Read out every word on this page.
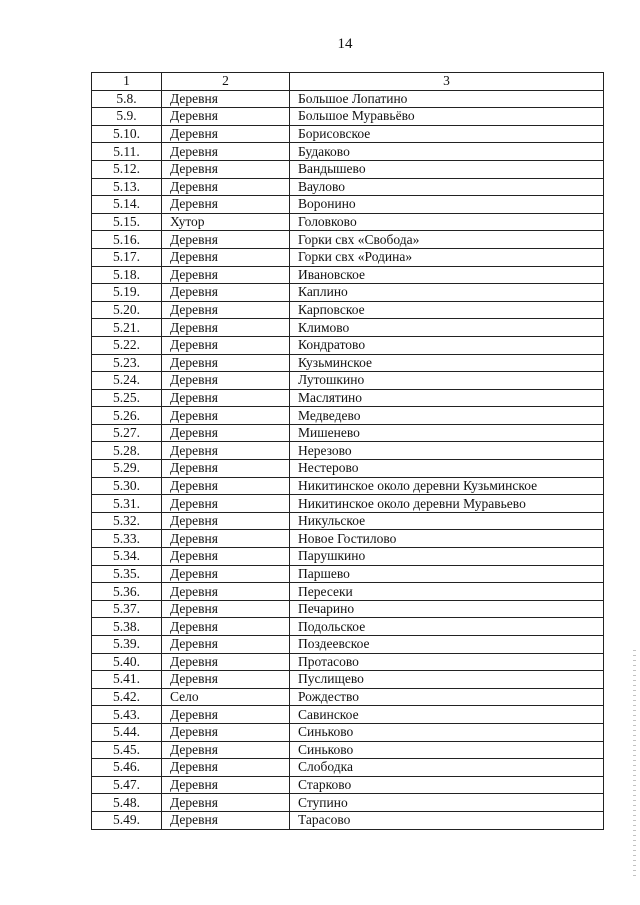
14
1	2	3
5.8.	Деревня	Большое Лопатино
5.9.	Деревня	Большое Муравьёво
5.10.	Деревня	Борисовское
5.11.	Деревня	Будаково
5.12.	Деревня	Вандышево
5.13.	Деревня	Ваулово
5.14.	Деревня	Воронино
5.15.	Хутор	Головково
5.16.	Деревня	Горки свх «Свобода»
5.17.	Деревня	Горки свх «Родина»
5.18.	Деревня	Ивановское
5.19.	Деревня	Каплино
5.20.	Деревня	Карповское
5.21.	Деревня	Климово
5.22.	Деревня	Кондратово
5.23.	Деревня	Кузьминское
5.24.	Деревня	Лутошкино
5.25.	Деревня	Маслятино
5.26.	Деревня	Медведево
5.27.	Деревня	Мишенево
5.28.	Деревня	Нерезово
5.29.	Деревня	Нестерово
5.30.	Деревня	Никитинское около деревни Кузьминское
5.31.	Деревня	Никитинское около деревни Муравьево
5.32.	Деревня	Никульское
5.33.	Деревня	Новое Гостилово
5.34.	Деревня	Парушкино
5.35.	Деревня	Паршево
5.36.	Деревня	Пересеки
5.37.	Деревня	Печарино
5.38.	Деревня	Подольское
5.39.	Деревня	Поздеевское
5.40.	Деревня	Протасово
5.41.	Деревня	Пуслищево
5.42.	Село	Рождество
5.43.	Деревня	Савинское
5.44.	Деревня	Синьково
5.45.	Деревня	Синьково
5.46.	Деревня	Слободка
5.47.	Деревня	Старково
5.48.	Деревня	Ступино
5.49.	Деревня	Тарасово
